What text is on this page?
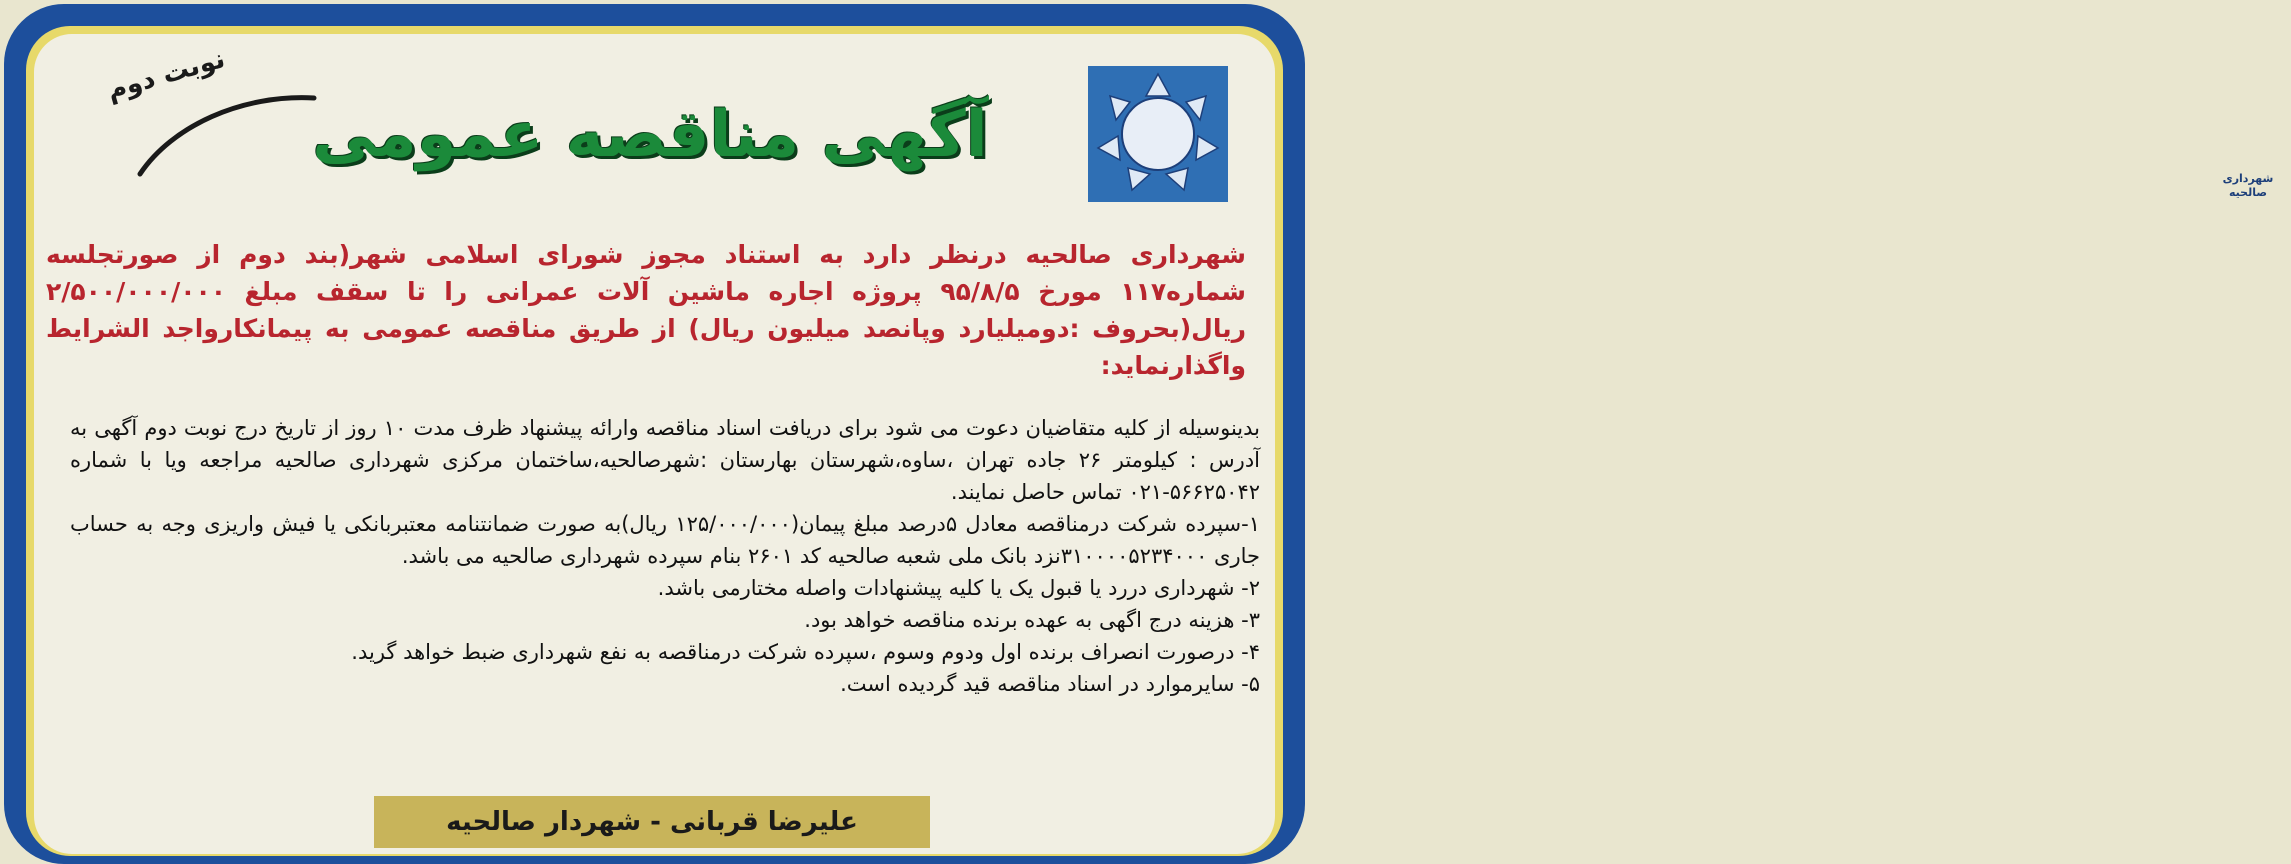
شهرداری صالحیه
نوبت دوم
آگهی مناقصه عمومی
شهرداری صالحیه درنظر دارد به استناد مجوز شورای اسلامی شهر(بند دوم از صورتجلسه شماره۱۱۷ مورخ ۹۵/۸/۵ پروژه اجاره ماشین آلات عمرانی را تا سقف مبلغ ۲/۵۰۰/۰۰۰/۰۰۰ ریال(بحروف :دومیلیارد وپانصد میلیون ریال) از طریق مناقصه عمومی به پیمانکارواجد الشرایط واگذارنماید:

بدینوسیله از کلیه متقاضیان دعوت می شود برای دریافت اسناد مناقصه وارائه پیشنهاد ظرف مدت ۱۰ روز از تاریخ درج نوبت دوم آگهی به آدرس : کیلومتر ۲۶ جاده تهران ،ساوه،شهرستان بهارستان :شهرصالحیه،ساختمان مرکزی شهرداری صالحیه مراجعه ویا با شماره ۵۶۶۲۵۰۴۲-۰۲۱ تماس حاصل نمایند.

۱-سپرده شرکت درمناقصه معادل ۵درصد مبلغ پیمان(۱۲۵/۰۰۰/۰۰۰ ریال)به صورت ضمانتنامه معتبربانکی یا فیش واریزی وجه به حساب جاری ۳۱۰۰۰۰۵۲۳۴۰۰۰نزد بانک ملی شعبه صالحیه کد ۲۶۰۱ بنام سپرده شهرداری صالحیه می باشد.

۲- شهرداری دررد یا قبول یک یا کلیه پیشنهادات واصله مختارمی باشد.

۳- هزینه درج اگهی به عهده برنده مناقصه خواهد بود.

۴- درصورت انصراف برنده اول ودوم وسوم ،سپرده شرکت درمناقصه به نفع شهرداری ضبط خواهد گرید.

۵- سایرموارد در اسناد مناقصه قید گردیده است.

علیرضا قربانی - شهردار صالحیه
